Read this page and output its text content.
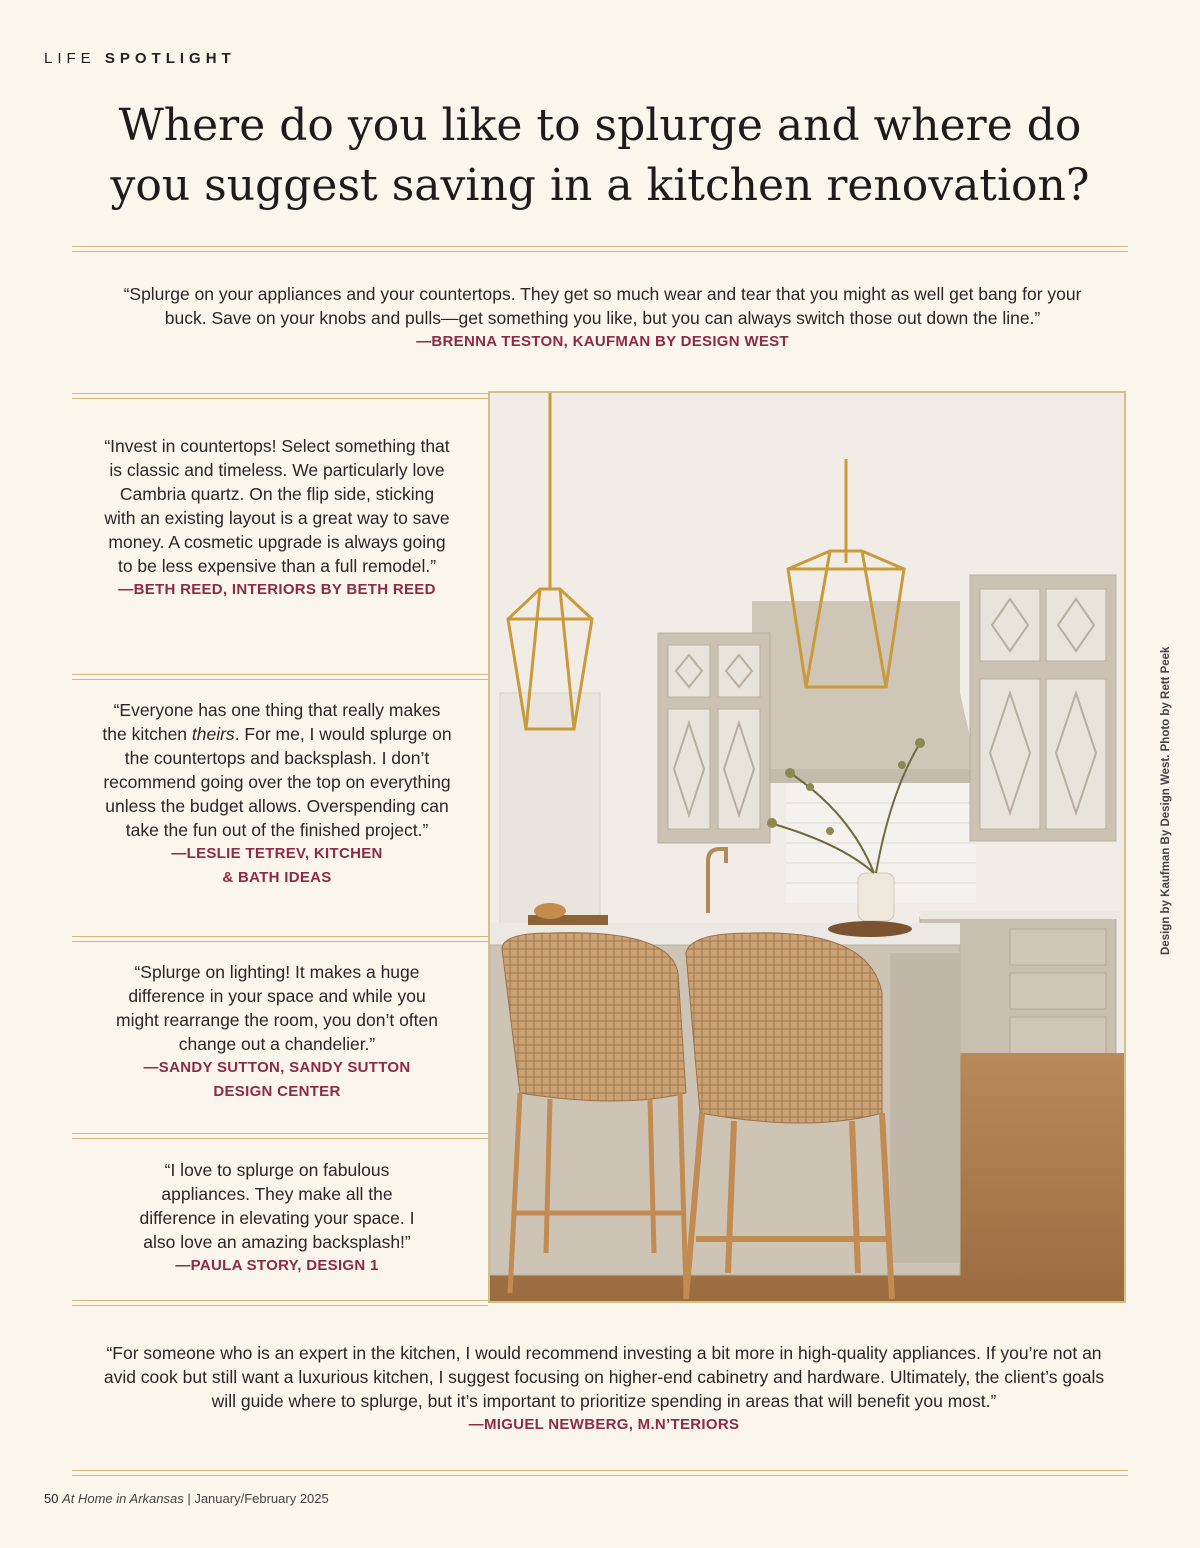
LIFE SPOTLIGHT
Where do you like to splurge and where do you suggest saving in a kitchen renovation?
“Splurge on your appliances and your countertops. They get so much wear and tear that you might as well get bang for your buck. Save on your knobs and pulls—get something you like, but you can always switch those out down the line.”
—BRENNA TESTON, KAUFMAN BY DESIGN WEST
“Invest in countertops! Select something that is classic and timeless. We particularly love Cambria quartz. On the flip side, sticking with an existing layout is a great way to save money. A cosmetic upgrade is always going to be less expensive than a full remodel.”
—BETH REED, INTERIORS BY BETH REED
“Everyone has one thing that really makes the kitchen theirs. For me, I would splurge on the countertops and backsplash. I don’t recommend going over the top on everything unless the budget allows. Overspending can take the fun out of the finished project.”
—LESLIE TETREV, KITCHEN & BATH IDEAS
“Splurge on lighting! It makes a huge difference in your space and while you might rearrange the room, you don’t often change out a chandelier.”
—SANDY SUTTON, SANDY SUTTON DESIGN CENTER
“I love to splurge on fabulous appliances. They make all the difference in elevating your space. I also love an amazing backsplash!”
—PAULA STORY, DESIGN 1
Design by Kaufman By Design West. Photo by Rett Peek
“For someone who is an expert in the kitchen, I would recommend investing a bit more in high-quality appliances. If you’re not an avid cook but still want a luxurious kitchen, I suggest focusing on higher-end cabinetry and hardware. Ultimately, the client’s goals will guide where to splurge, but it’s important to prioritize spending in areas that will benefit you most.”
—MIGUEL NEWBERG, M.N’TERIORS
50 At Home in Arkansas | January/February 2025
